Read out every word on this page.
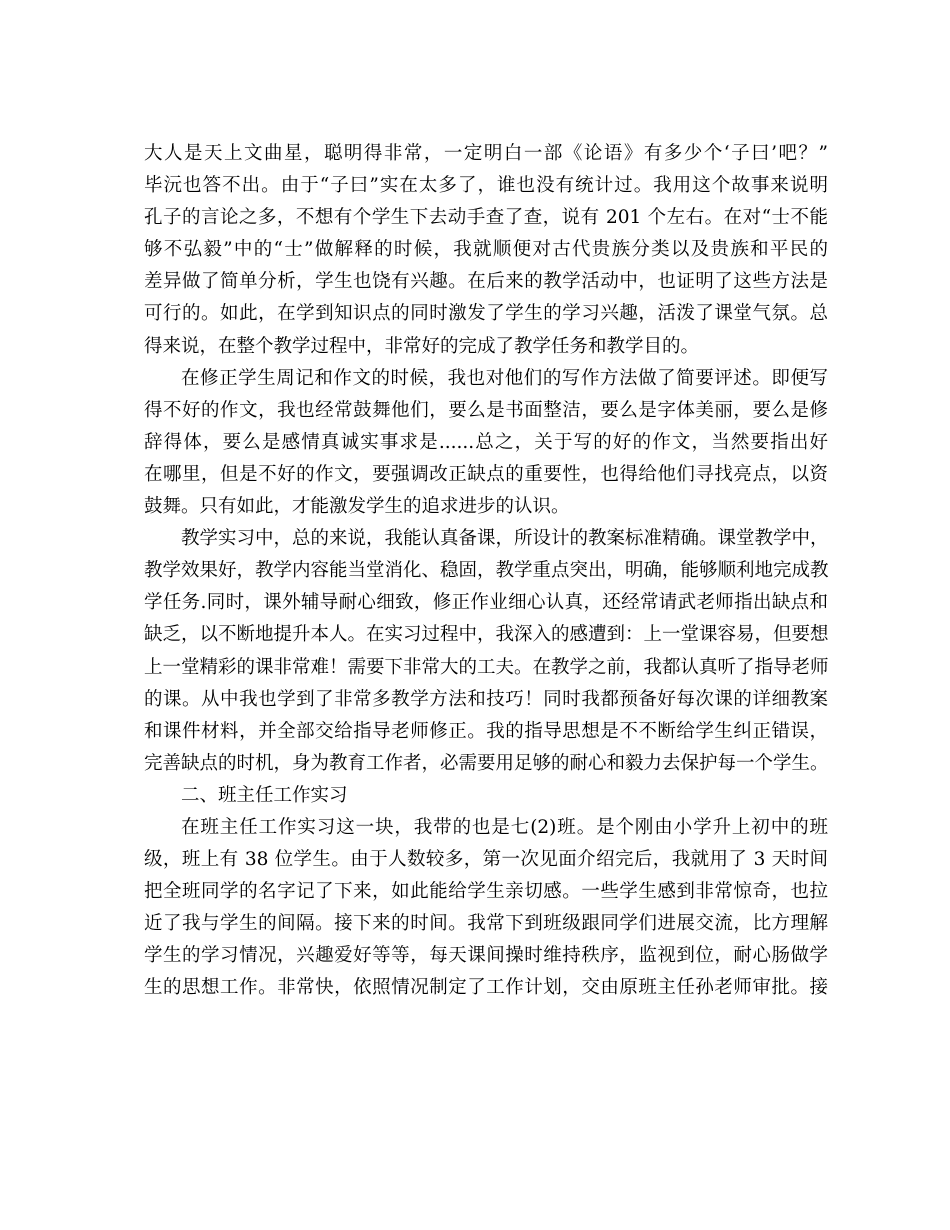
大人是天上文曲星，聪明得非常，一定明白一部《论语》有多少个‘子曰’吧？”
毕沅也答不出。由于“子曰”实在太多了，谁也没有统计过。我用这个故事来说明
孔子的言论之多，不想有个学生下去动手查了查，说有 201 个左右。在对“士不能
够不弘毅”中的“士”做解释的时候，我就顺便对古代贵族分类以及贵族和平民的
差异做了简单分析，学生也饶有兴趣。在后来的教学活动中，也证明了这些方法是
可行的。如此，在学到知识点的同时激发了学生的学习兴趣，活泼了课堂气氛。总
得来说，在整个教学过程中，非常好的完成了教学任务和教学目的。
在修正学生周记和作文的时候，我也对他们的写作方法做了简要评述。即便写
得不好的作文，我也经常鼓舞他们，要么是书面整洁，要么是字体美丽，要么是修
辞得体，要么是感情真诚实事求是......总之，关于写的好的作文，当然要指出好
在哪里，但是不好的作文，要强调改正缺点的重要性，也得给他们寻找亮点，以资
鼓舞。只有如此，才能激发学生的追求进步的认识。
教学实习中，总的来说，我能认真备课，所设计的教案标准精确。课堂教学中，
教学效果好，教学内容能当堂消化、稳固，教学重点突出，明确，能够顺利地完成教
学任务.同时，课外辅导耐心细致，修正作业细心认真，还经常请武老师指出缺点和
缺乏，以不断地提升本人。在实习过程中，我深入的感遭到：上一堂课容易，但要想
上一堂精彩的课非常难！需要下非常大的工夫。在教学之前，我都认真听了指导老师
的课。从中我也学到了非常多教学方法和技巧！同时我都预备好每次课的详细教案
和课件材料，并全部交给指导老师修正。我的指导思想是不不断给学生纠正错误，
完善缺点的时机，身为教育工作者，必需要用足够的耐心和毅力去保护每一个学生。
二、班主任工作实习
在班主任工作实习这一块，我带的也是七(2)班。是个刚由小学升上初中的班
级，班上有 38 位学生。由于人数较多，第一次见面介绍完后，我就用了 3 天时间
把全班同学的名字记了下来，如此能给学生亲切感。一些学生感到非常惊奇，也拉
近了我与学生的间隔。接下来的时间。我常下到班级跟同学们进展交流，比方理解
学生的学习情况，兴趣爱好等等，每天课间操时维持秩序，监视到位，耐心肠做学
生的思想工作。非常快，依照情况制定了工作计划，交由原班主任孙老师审批。接
